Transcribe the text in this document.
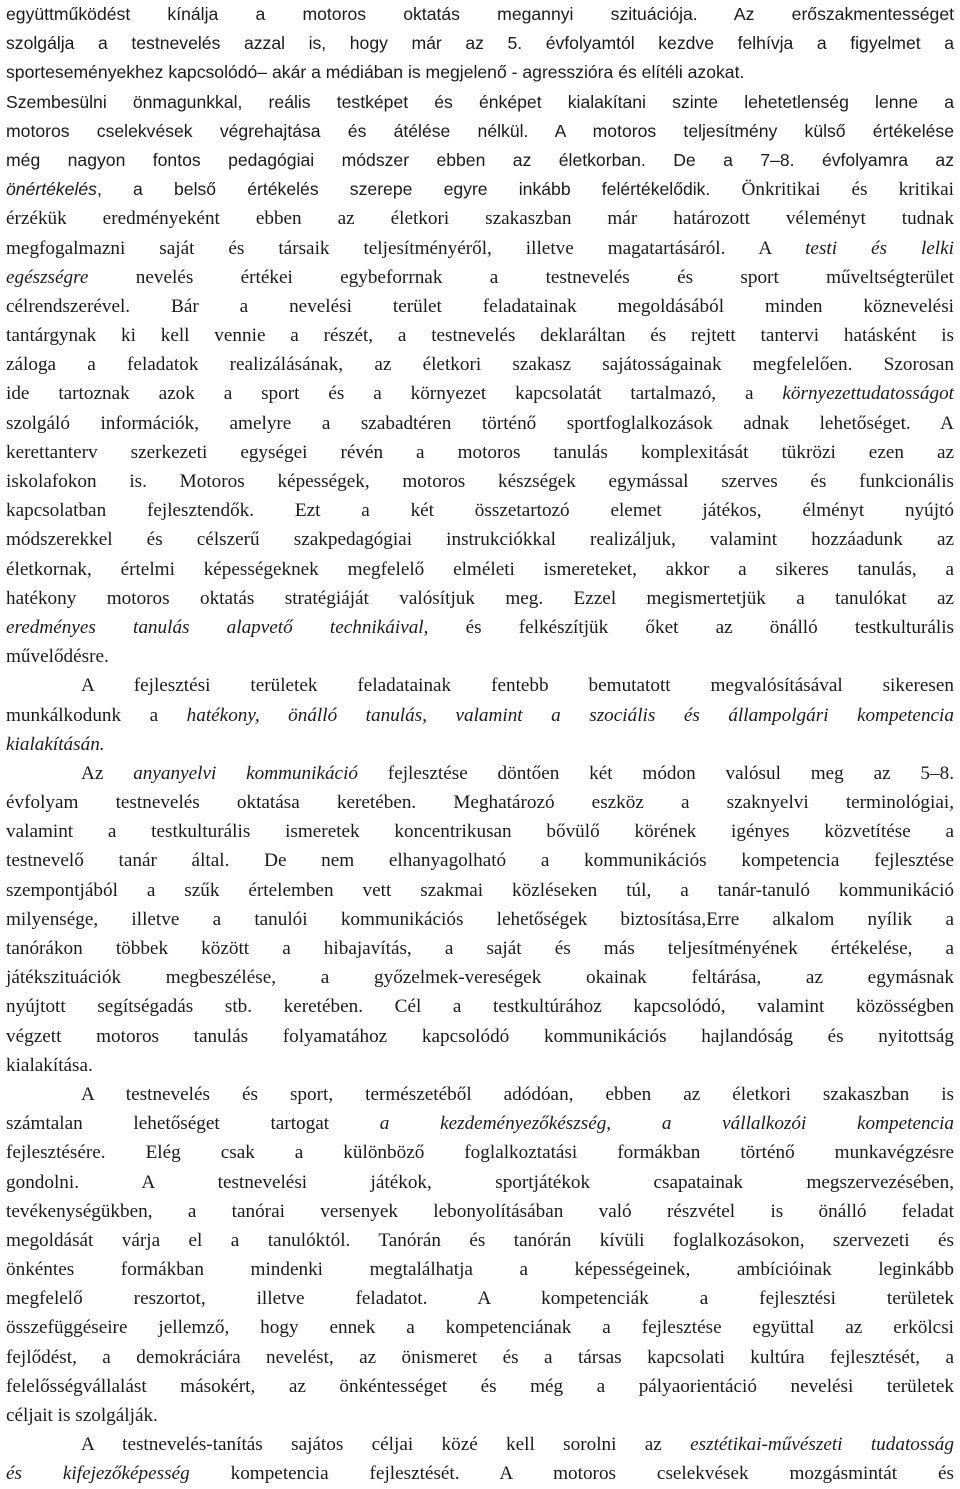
együttműködést kínálja a motoros oktatás megannyi szituációja. Az erőszakmentességet
szolgálja a testnevelés azzal is, hogy már az 5. évfolyamtól kezdve felhívja a figyelmet a
sporteseményekhez kapcsolódó– akár a médiában is megjelenő - agresszióra és elítéli azokat.
Szembesülni önmagunkkal, reális testképet és énképet kialakítani szinte lehetetlenség lenne a
motoros cselekvések végrehajtása és átélése nélkül. A motoros teljesítmény külső értékelése
még nagyon fontos pedagógiai módszer ebben az életkorban. De a 7–8. évfolyamra az
önértékelés, a belső értékelés szerepe egyre inkább felértékelődik. Önkritikai és kritikai
érzékük eredményeként ebben az életkori szakaszban már határozott véleményt tudnak
megfogalmazni saját és társaik teljesítményéről, illetve magatartásáról. A testi és lelki
egészségre nevelés értékei egybeforrnak a testnevelés és sport műveltségterület
célrendszerével. Bár a nevelési terület feladatainak megoldásából minden köznevelési
tantárgynak ki kell vennie a részét, a testnevelés deklaráltan és rejtett tantervi hatásként is
záloga a feladatok realizálásának, az életkori szakasz sajátosságainak megfelelően. Szorosan
ide tartoznak azok a sport és a környezet kapcsolatát tartalmazó, a környezettudatosságot
szolgáló információk, amelyre a szabadtéren történő sportfoglalkozások adnak lehetőséget. A
kerettanterv szerkezeti egységei révén a motoros tanulás komplexitását tükrözi ezen az
iskolafokon is. Motoros képességek, motoros készségek egymással szerves és funkcionális
kapcsolatban fejlesztendők. Ezt a két összetartozó elemet játékos, élményt nyújtó
módszerekkel és célszerű szakpedagógiai instrukciókkal realizáljuk, valamint hozzáadunk az
életkornak, értelmi képességeknek megfelelő elméleti ismereteket, akkor a sikeres tanulás, a
hatékony motoros oktatás stratégiáját valósítjuk meg. Ezzel megismertetjük a tanulókat az
eredményes tanulás alapvető technikáival, és felkészítjük őket az önálló testkulturális
művelődésre.
A fejlesztési területek feladatainak fentebb bemutatott megvalósításával sikeresen
munkálkodunk a hatékony, önálló tanulás, valamint a szociális és állampolgári kompetencia
kialakításán.
Az anyanyelvi kommunikáció fejlesztése döntően két módon valósul meg az 5–8.
évfolyam testnevelés oktatása keretében. Meghatározó eszköz a szaknyelvi terminológiai,
valamint a testkulturális ismeretek koncentrikusan bővülő körének igényes közvetítése a
testnevelő tanár által. De nem elhanyagolható a kommunikációs kompetencia fejlesztése
szempontjából a szűk értelemben vett szakmai közléseken túl, a tanár-tanuló kommunikáció
milyensége, illetve a tanulói kommunikációs lehetőségek biztosítása,Erre alkalom nyílik a
tanórákon többek között a hibajavítás, a saját és más teljesítményének értékelése, a
játékszituációk megbeszélése, a győzelmek-vereségek okainak feltárása, az egymásnak
nyújtott segítségadás stb. keretében. Cél a testkultúrához kapcsolódó, valamint közösségben
végzett motoros tanulás folyamatához kapcsolódó kommunikációs hajlandóság és nyitottság
kialakítása.
A testnevelés és sport, természetéből adódóan, ebben az életkori szakaszban is
számtalan lehetőséget tartogat a kezdeményezőkészség, a vállalkozói kompetencia
fejlesztésére. Elég csak a különböző foglalkoztatási formákban történő munkavégzésre
gondolni. A testnevelési játékok, sportjátékok csapatainak megszervezésében,
tevékenységükben, a tanórai versenyek lebonyolításában való részvétel is önálló feladat
megoldását várja el a tanulóktól. Tanórán és tanórán kívüli foglalkozásokon, szervezeti és
önkéntes formákban mindenki megtalálhatja a képességeinek, ambícióinak leginkább
megfelelő reszortot, illetve feladatot. A kompetenciák a fejlesztési területek
összefüggéseire jellemző, hogy ennek a kompetenciának a fejlesztése együttal az erkölcsi
fejlődést, a demokráciára nevelést, az önismeret és a társas kapcsolati kultúra fejlesztését, a
felelősségvállalást másokért, az önkéntességet és még a pályaorientáció nevelési területek
céljait is szolgálják.
A testnevelés-tanítás sajátos céljai közé kell sorolni az esztétikai-művészeti tudatosság
és kifejezőképesség kompetencia fejlesztését. A motoros cselekvések mozgásmintát és
